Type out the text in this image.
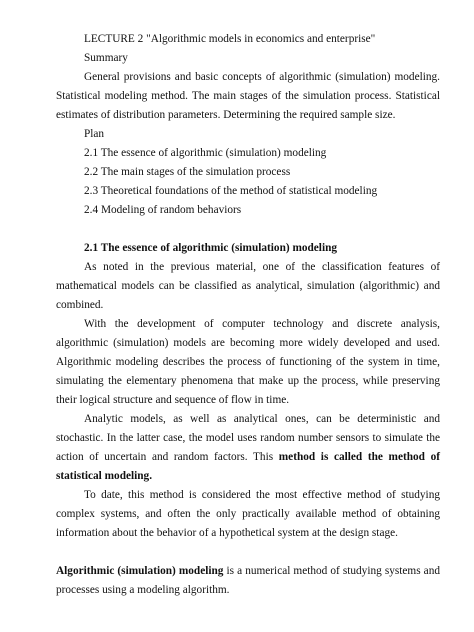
LECTURE 2 "Algorithmic models in economics and enterprise"

Summary

General provisions and basic concepts of algorithmic (simulation) modeling. Statistical modeling method. The main stages of the simulation process. Statistical estimates of distribution parameters. Determining the required sample size.

Plan

2.1 The essence of algorithmic (simulation) modeling

2.2 The main stages of the simulation process

2.3 Theoretical foundations of the method of statistical modeling

2.4 Modeling of random behaviors

2.1 The essence of algorithmic (simulation) modeling

As noted in the previous material, one of the classification features of mathematical models can be classified as analytical, simulation (algorithmic) and combined.

With the development of computer technology and discrete analysis, algorithmic (simulation) models are becoming more widely developed and used. Algorithmic modeling describes the process of functioning of the system in time, simulating the elementary phenomena that make up the process, while preserving their logical structure and sequence of flow in time.

Analytic models, as well as analytical ones, can be deterministic and stochastic. In the latter case, the model uses random number sensors to simulate the action of uncertain and random factors. This method is called the method of statistical modeling.

To date, this method is considered the most effective method of studying complex systems, and often the only practically available method of obtaining information about the behavior of a hypothetical system at the design stage.

Algorithmic (simulation) modeling is a numerical method of studying systems and processes using a modeling algorithm.
